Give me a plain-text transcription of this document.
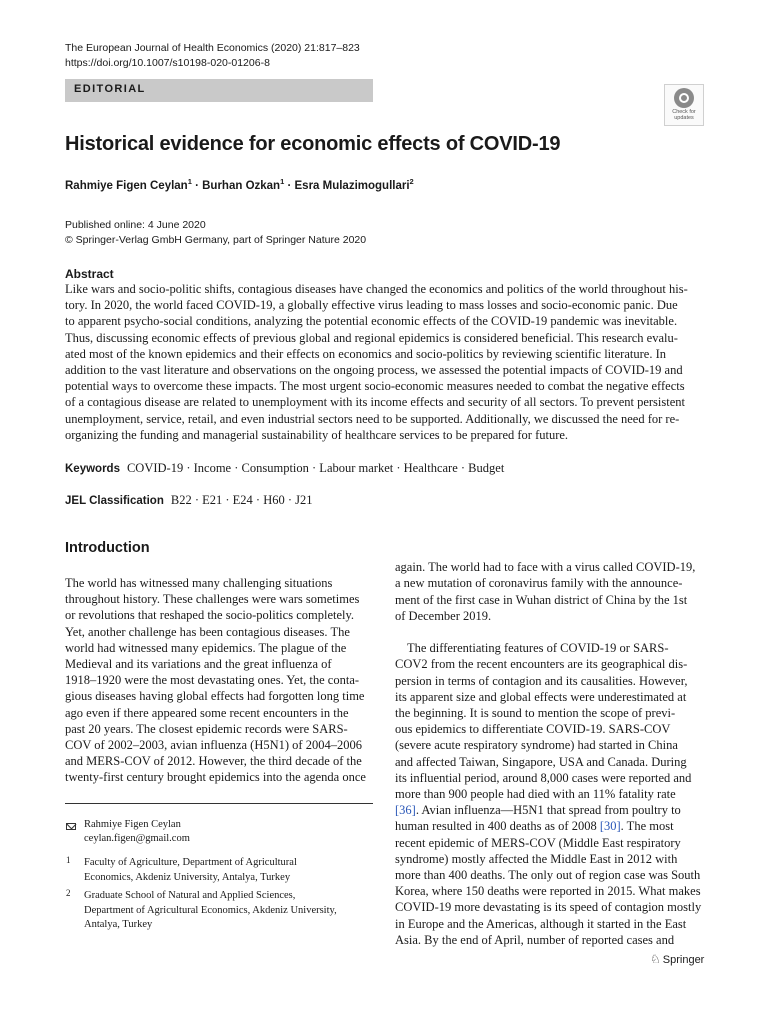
The European Journal of Health Economics (2020) 21:817–823
https://doi.org/10.1007/s10198-020-01206-8
EDITORIAL
Check for
updates
Historical evidence for economic effects of COVID-19
Rahmiye Figen Ceylan$^1$ · Burhan Ozkan$^1$ · Esra Mulazimogullari$^2$
Published online: 4 June 2020
© Springer-Verlag GmbH Germany, part of Springer Nature 2020
Abstract
Like wars and socio-politic shifts, contagious diseases have changed the economics and politics of the world throughout his-
tory. In 2020, the world faced COVID-19, a globally effective virus leading to mass losses and socio-economic panic. Due
to apparent psycho-social conditions, analyzing the potential economic effects of the COVID-19 pandemic was inevitable.
Thus, discussing economic effects of previous global and regional epidemics is considered beneficial. This research evalu-
ated most of the known epidemics and their effects on economics and socio-politics by reviewing scientific literature. In
addition to the vast literature and observations on the ongoing process, we assessed the potential impacts of COVID-19 and
potential ways to overcome these impacts. The most urgent socio-economic measures needed to combat the negative effects
of a contagious disease are related to unemployment with its income effects and security of all sectors. To prevent persistent
unemployment, service, retail, and even industrial sectors need to be supported. Additionally, we discussed the need for re-
organizing the funding and managerial sustainability of healthcare services to be prepared for future.
Keywords COVID-19 · Income · Consumption · Labour market · Healthcare · Budget
JEL Classification B22 · E21 · E24 · H60 · J21
Introduction
The world has witnessed many challenging situations
throughout history. These challenges were wars sometimes
or revolutions that reshaped the socio-politics completely.
Yet, another challenge has been contagious diseases. The
world had witnessed many epidemics. The plague of the
Medieval and its variations and the great influenza of
1918–1920 were the most devastating ones. Yet, the conta-
gious diseases having global effects had forgotten long time
ago even if there appeared some recent encounters in the
past 20 years. The closest epidemic records were SARS-
COV of 2002–2003, avian influenza (H5N1) of 2004–2006
and MERS-COV of 2012. However, the third decade of the
twenty-first century brought epidemics into the agenda once

again. The world had to face with a virus called COVID-19,
a new mutation of coronavirus family with the announce-
ment of the first case in Wuhan district of China by the 1st
of December 2019.

The differentiating features of COVID-19 or SARS-
COV2 from the recent encounters are its geographical dis-
persion in terms of contagion and its causalities. However,
its apparent size and global effects were underestimated at
the beginning. It is sound to mention the scope of previ-
ous epidemics to differentiate COVID-19. SARS-COV
(severe acute respiratory syndrome) had started in China
and affected Taiwan, Singapore, USA and Canada. During
its influential period, around 8,000 cases were reported and
more than 900 people had died with an 11% fatality rate
[36]. Avian influenza—H5N1 that spread from poultry to
human resulted in 400 deaths as of 2008 [30]. The most
recent epidemic of MERS-COV (Middle East respiratory
syndrome) mostly affected the Middle East in 2012 with
more than 400 deaths. The only out of region case was South
Korea, where 150 deaths were reported in 2015. What makes
COVID-19 more devastating is its speed of contagion mostly
in Europe and the Americas, although it started in the East
Asia. By the end of April, number of reported cases and

Rahmiye Figen Ceylan
ceylan.figen@gmail.com
1 Faculty of Agriculture, Department of Agricultural
Economics, Akdeniz University, Antalya, Turkey
2 Graduate School of Natural and Applied Sciences,
Department of Agricultural Economics, Akdeniz University,
Antalya, Turkey
♘ Springer
